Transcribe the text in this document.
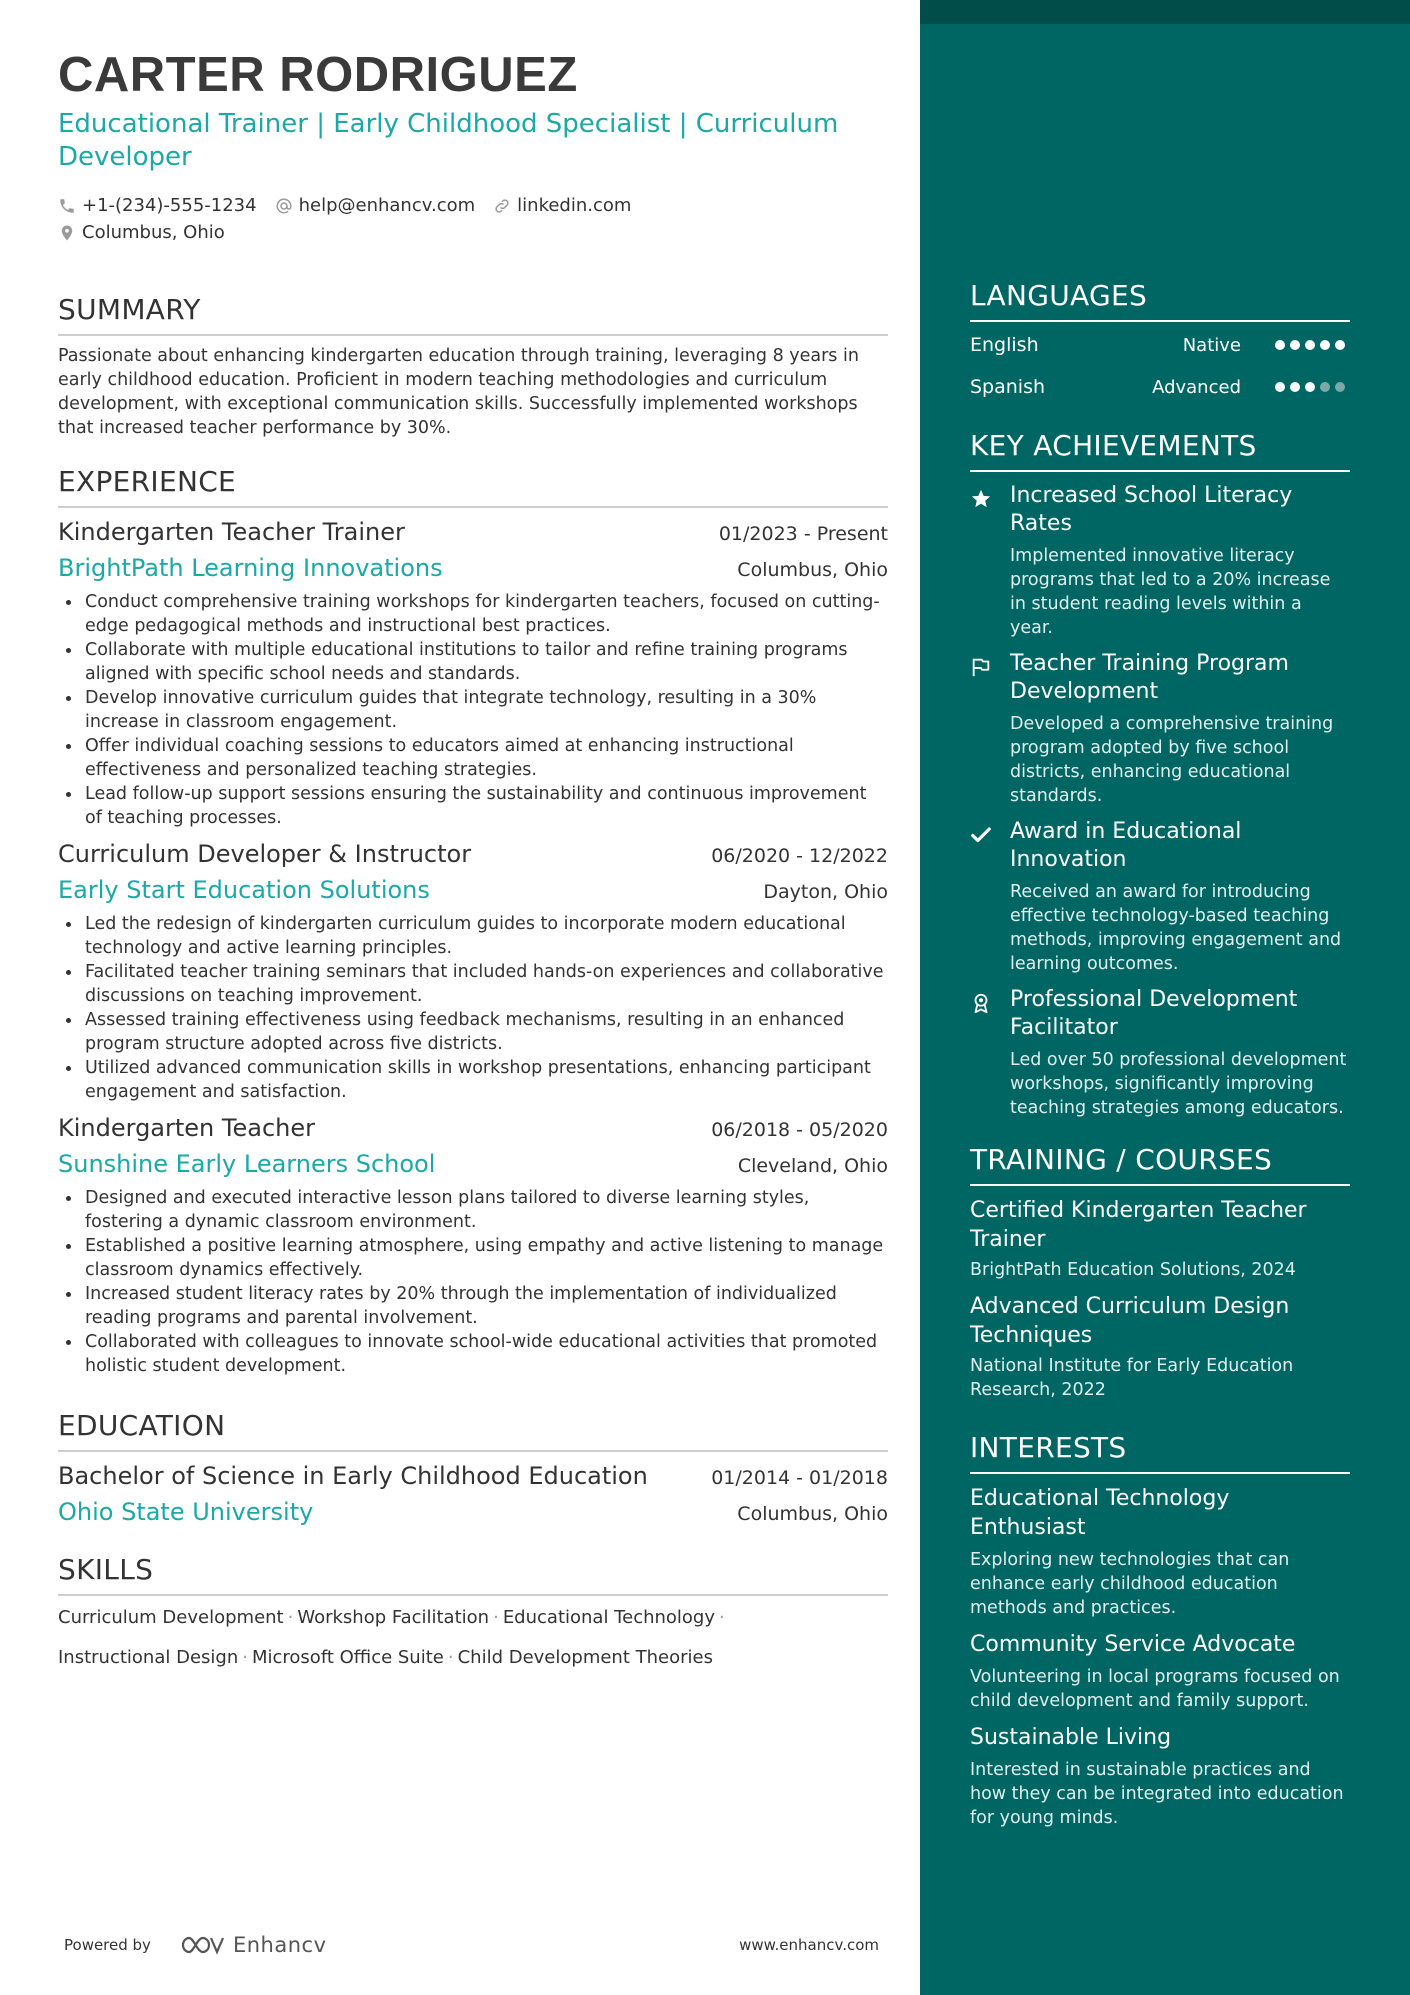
CARTER RODRIGUEZ
Educational Trainer | Early Childhood Specialist | Curriculum Developer
+1-(234)-555-1234 help@enhancv.com linkedin.com
Columbus, Ohio
SUMMARY
Passionate about enhancing kindergarten education through training, leveraging 8 years in early childhood education. Proficient in modern teaching methodologies and curriculum development, with exceptional communication skills. Successfully implemented workshops that increased teacher performance by 30%.
EXPERIENCE
Kindergarten Teacher Trainer	01/2023 - Present
BrightPath Learning Innovations	Columbus, Ohio
Conduct comprehensive training workshops for kindergarten teachers, focused on cutting-edge pedagogical methods and instructional best practices.
Collaborate with multiple educational institutions to tailor and refine training programs aligned with specific school needs and standards.
Develop innovative curriculum guides that integrate technology, resulting in a 30% increase in classroom engagement.
Offer individual coaching sessions to educators aimed at enhancing instructional effectiveness and personalized teaching strategies.
Lead follow-up support sessions ensuring the sustainability and continuous improvement of teaching processes.
Curriculum Developer & Instructor	06/2020 - 12/2022
Early Start Education Solutions	Dayton, Ohio
Led the redesign of kindergarten curriculum guides to incorporate modern educational technology and active learning principles.
Facilitated teacher training seminars that included hands-on experiences and collaborative discussions on teaching improvement.
Assessed training effectiveness using feedback mechanisms, resulting in an enhanced program structure adopted across five districts.
Utilized advanced communication skills in workshop presentations, enhancing participant engagement and satisfaction.
Kindergarten Teacher	06/2018 - 05/2020
Sunshine Early Learners School	Cleveland, Ohio
Designed and executed interactive lesson plans tailored to diverse learning styles, fostering a dynamic classroom environment.
Established a positive learning atmosphere, using empathy and active listening to manage classroom dynamics effectively.
Increased student literacy rates by 20% through the implementation of individualized reading programs and parental involvement.
Collaborated with colleagues to innovate school-wide educational activities that promoted holistic student development.
EDUCATION
Bachelor of Science in Early Childhood Education	01/2014 - 01/2018
Ohio State University	Columbus, Ohio
SKILLS
Curriculum Development · Workshop Facilitation · Educational Technology ·
Instructional Design · Microsoft Office Suite · Child Development Theories
Powered by	Enhancv	www.enhancv.com
LANGUAGES
English	Native
Spanish	Advanced
KEY ACHIEVEMENTS
Increased School Literacy Rates
Implemented innovative literacy programs that led to a 20% increase in student reading levels within a year.
Teacher Training Program Development
Developed a comprehensive training program adopted by five school districts, enhancing educational standards.
Award in Educational Innovation
Received an award for introducing effective technology-based teaching methods, improving engagement and learning outcomes.
Professional Development Facilitator
Led over 50 professional development workshops, significantly improving teaching strategies among educators.
TRAINING / COURSES
Certified Kindergarten Teacher Trainer
BrightPath Education Solutions, 2024
Advanced Curriculum Design Techniques
National Institute for Early Education Research, 2022
INTERESTS
Educational Technology Enthusiast
Exploring new technologies that can enhance early childhood education methods and practices.
Community Service Advocate
Volunteering in local programs focused on child development and family support.
Sustainable Living
Interested in sustainable practices and how they can be integrated into education for young minds.
